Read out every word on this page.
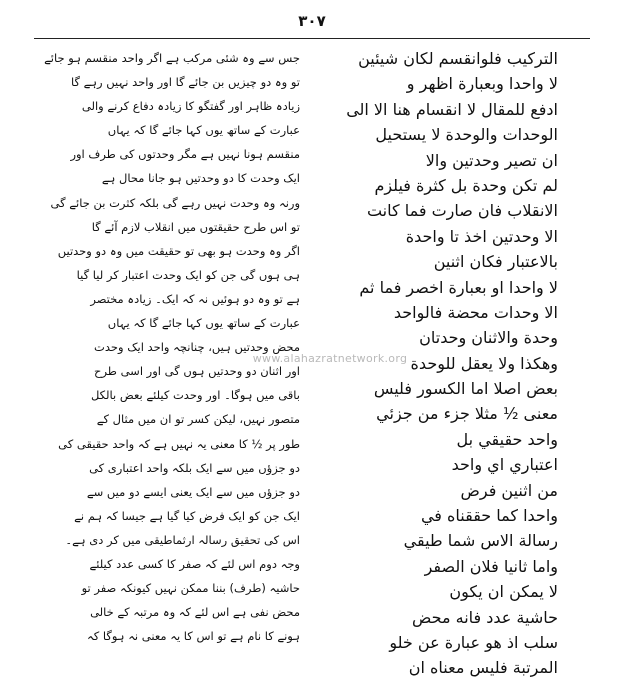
۳۰۷
التركيب فلوانقسم لكان شيئين
لا واحدا وبعبارة اظهر و
ادفع للمقال لا انقسام هنا الا الى
الوحدات والوحدة لا يستحيل
ان تصير وحدتين والا
لم تكن وحدة بل كثرة فيلزم
الانقلاب فان صارت فما كانت
الا وحدتين اخذ تا واحدة
بالاعتبار فكان اثنين
لا واحدا او بعبارة اخصر فما ثم
الا وحدات محضة فالواحد
وحدة والاثنان وحدتان
وهكذا ولا يعقل للوحدة
بعض اصلا اما الكسور فليس
معنى ½ مثلا جزء من جزئي
واحد حقيقي بل
اعتباري اي واحد
من اثنين فرض
واحدا كما حققناه في
رسالة الاس شما طيقي
واما ثانيا فلان الصفر
لا يمكن ان يكون
حاشية عدد فانه محض
سلب اذ هو عبارة عن خلو
المرتبة فليس معناه ان
جس سے وہ شئی مرکب ہے اگر واحد منقسم ہو جائے
تو وہ دو چیزیں بن جائے گا اور واحد نہیں رہے گا
زیادہ ظاہر اور گفتگو کا زیادہ دفاع کرنے والی
عبارت کے ساتھ یوں کہا جائے گا کہ یہاں
منقسم ہونا نہیں ہے مگر وحدتوں کی طرف اور
ایک وحدت کا دو وحدتیں ہو جانا محال ہے
ورنہ وہ وحدت نہیں رہے گی بلکہ کثرت بن جائے گی
تو اس طرح حقیقتوں میں انقلاب لازم آئے گا
اگر وہ وحدت ہو بھی تو حقیقت میں وہ دو وحدتیں
ہی ہوں گی جن کو ایک وحدت اعتبار کر لیا گیا
ہے تو وہ دو ہوئیں نہ کہ ایک۔ زیادہ مختصر
عبارت کے ساتھ یوں کہا جائے گا کہ یہاں
محض وحدتیں ہیں، چنانچہ واحد ایک وحدت
اور اثنان دو وحدتیں ہوں گی اور اسی طرح
باقی میں ہوگا۔ اور وحدت کیلئے بعض بالکل
متصور نہیں، لیکن کسر تو ان میں مثال کے
طور پر ½ کا معنی یہ نہیں ہے کہ واحد حقیقی کی
دو جزؤں میں سے ایک بلکہ واحد اعتباری کی
دو جزؤں میں سے ایک یعنی ایسے دو میں سے
ایک جن کو ایک فرض کیا گیا ہے جیسا کہ ہم نے
اس کی تحقیق رسالہ ارثماطیقی میں کر دی ہے۔
وجہ دوم اس لئے کہ صفر کا کسی عدد کیلئے
حاشیہ (طرف) بننا ممکن نہیں کیونکہ صفر تو
محض نفی ہے اس لئے کہ وہ مرتبہ کے خالی
ہونے کا نام ہے تو اس کا یہ معنی نہ ہوگا کہ
www.alahazratnetwork.org
